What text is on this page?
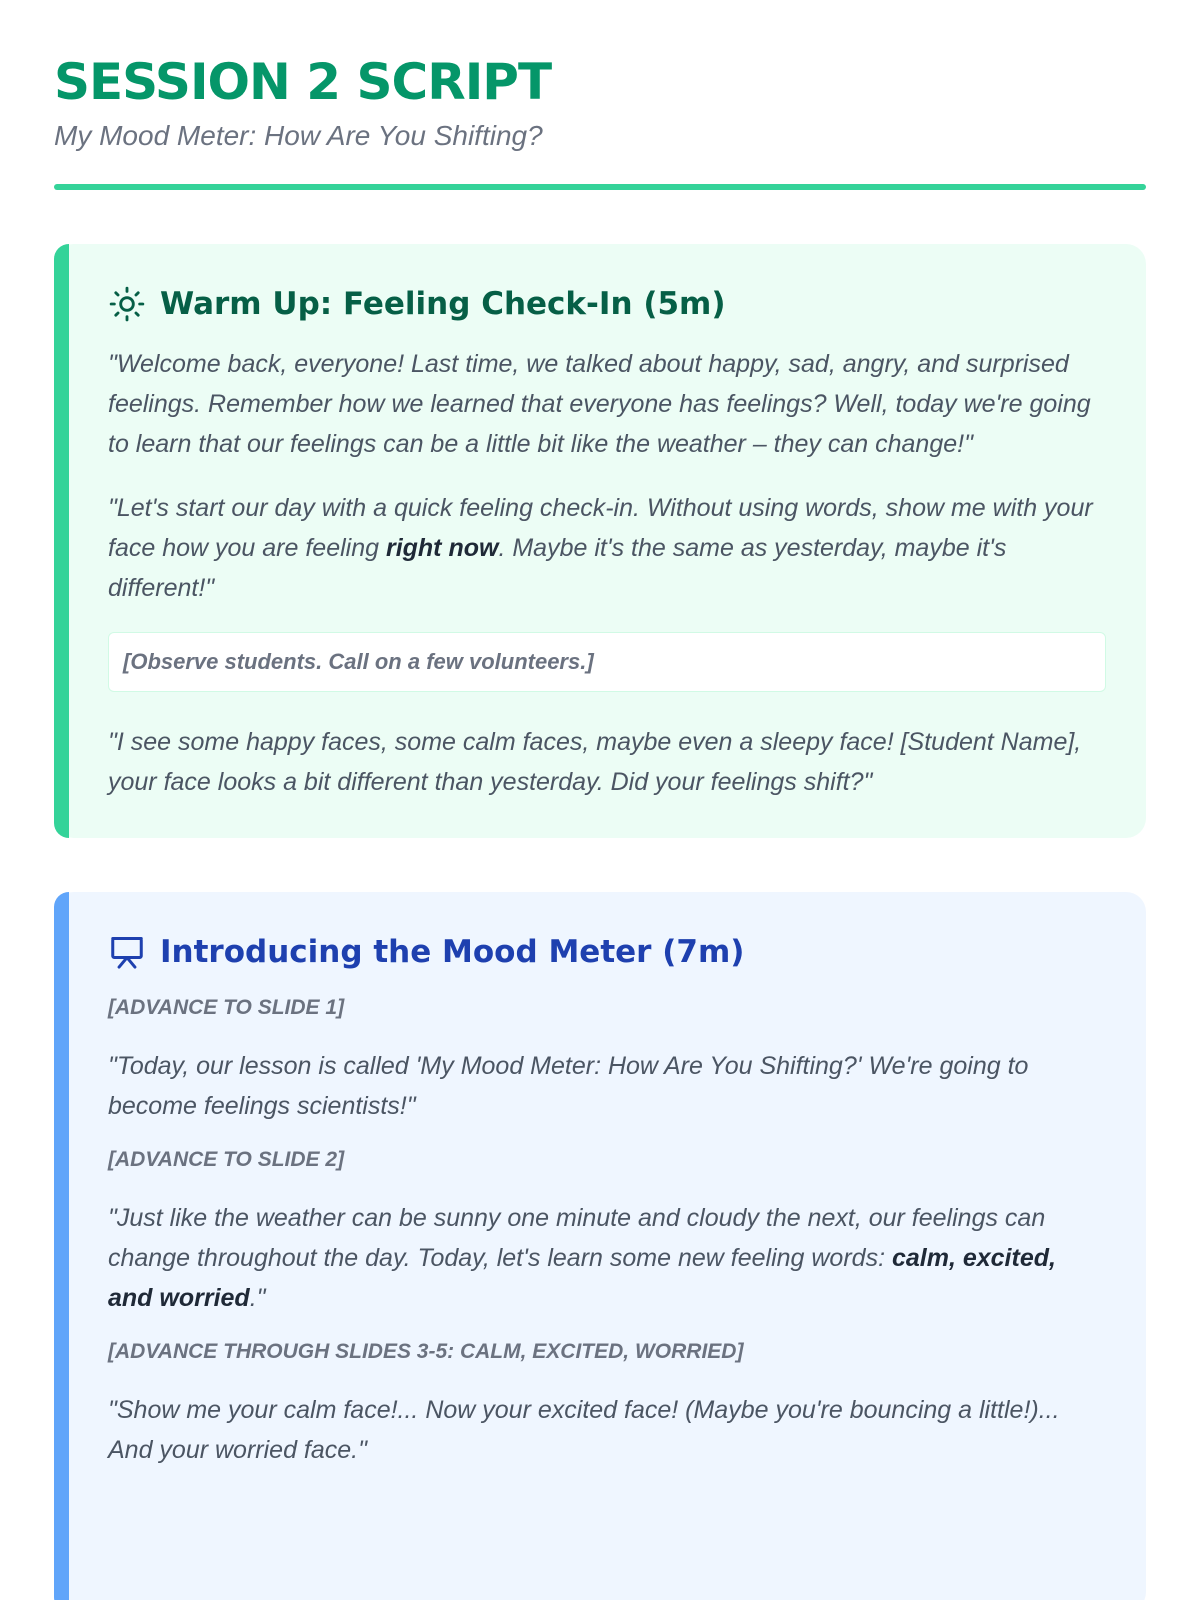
SESSION 2 SCRIPT

My Mood Meter: How Are You Shifting?

Warm Up: Feeling Check-In (5m)

"Welcome back, everyone! Last time, we talked about happy, sad, angry, and surprised feelings. Remember how we learned that everyone has feelings? Well, today we're going to learn that our feelings can be a little bit like the weather – they can change!"

"Let's start our day with a quick feeling check-in. Without using words, show me with your face how you are feeling right now. Maybe it's the same as yesterday, maybe it's different!"

[Observe students. Call on a few volunteers.]

"I see some happy faces, some calm faces, maybe even a sleepy face! [Student Name], your face looks a bit different than yesterday. Did your feelings shift?"

Introducing the Mood Meter (7m)

[ADVANCE TO SLIDE 1]

"Today, our lesson is called 'My Mood Meter: How Are You Shifting?' We're going to become feelings scientists!"

[ADVANCE TO SLIDE 2]

"Just like the weather can be sunny one minute and cloudy the next, our feelings can change throughout the day. Today, let's learn some new feeling words: calm, excited, and worried."

[ADVANCE THROUGH SLIDES 3-5: CALM, EXCITED, WORRIED]

"Show me your calm face!... Now your excited face! (Maybe you're bouncing a little!)... And your worried face."
